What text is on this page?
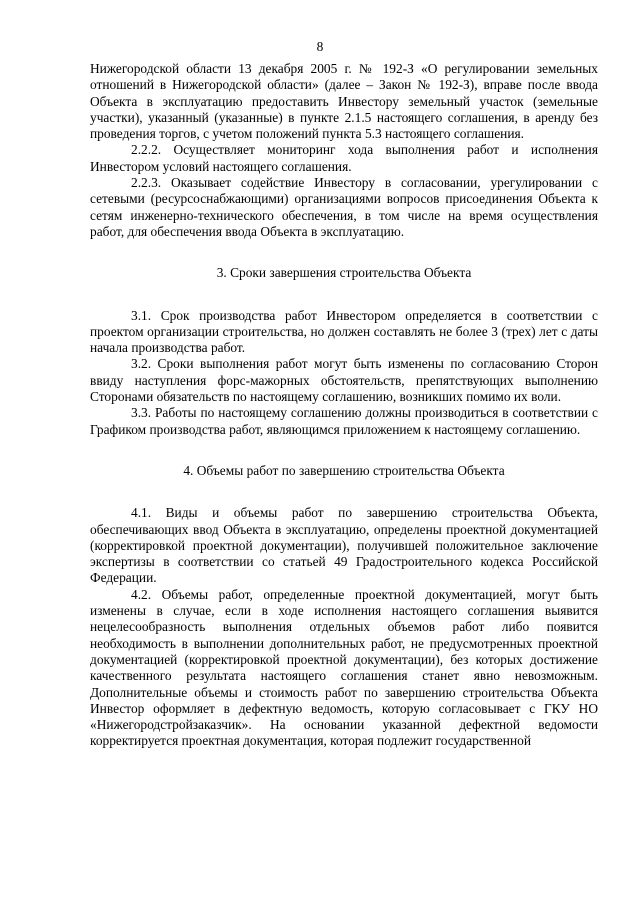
8

Нижегородской области 13 декабря 2005 г. № 192-З «О регулировании земельных отношений в Нижегородской области» (далее – Закон № 192-З), вправе после ввода Объекта в эксплуатацию предоставить Инвестору земельный участок (земельные участки), указанный (указанные) в пункте 2.1.5 настоящего соглашения, в аренду без проведения торгов, с учетом положений пункта 5.3 настоящего соглашения.

2.2.2. Осуществляет мониторинг хода выполнения работ и исполнения Инвестором условий настоящего соглашения.

2.2.3. Оказывает содействие Инвестору в согласовании, урегулировании с сетевыми (ресурсоснабжающими) организациями вопросов присоединения Объекта к сетям инженерно-технического обеспечения, в том числе на время осуществления работ, для обеспечения ввода Объекта в эксплуатацию.

3. Сроки завершения строительства Объекта

3.1. Срок производства работ Инвестором определяется в соответствии с проектом организации строительства, но должен составлять не более 3 (трех) лет с даты начала производства работ.

3.2. Сроки выполнения работ могут быть изменены по согласованию Сторон ввиду наступления форс-мажорных обстоятельств, препятствующих выполнению Сторонами обязательств по настоящему соглашению, возникших помимо их воли.

3.3. Работы по настоящему соглашению должны производиться в соответствии с Графиком производства работ, являющимся приложением к настоящему соглашению.

4. Объемы работ по завершению строительства Объекта

4.1. Виды и объемы работ по завершению строительства Объекта, обеспечивающих ввод Объекта в эксплуатацию, определены проектной документацией (корректировкой проектной документации), получившей положительное заключение экспертизы в соответствии со статьей 49 Градостроительного кодекса Российской Федерации.

4.2. Объемы работ, определенные проектной документацией, могут быть изменены в случае, если в ходе исполнения настоящего соглашения выявится нецелесообразность выполнения отдельных объемов работ либо появится необходимость в выполнении дополнительных работ, не предусмотренных проектной документацией (корректировкой проектной документации), без которых достижение качественного результата настоящего соглашения станет явно невозможным. Дополнительные объемы и стоимость работ по завершению строительства Объекта Инвестор оформляет в дефектную ведомость, которую согласовывает с ГКУ НО «Нижегородстройзаказчик». На основании указанной дефектной ведомости корректируется проектная документация, которая подлежит государственной
